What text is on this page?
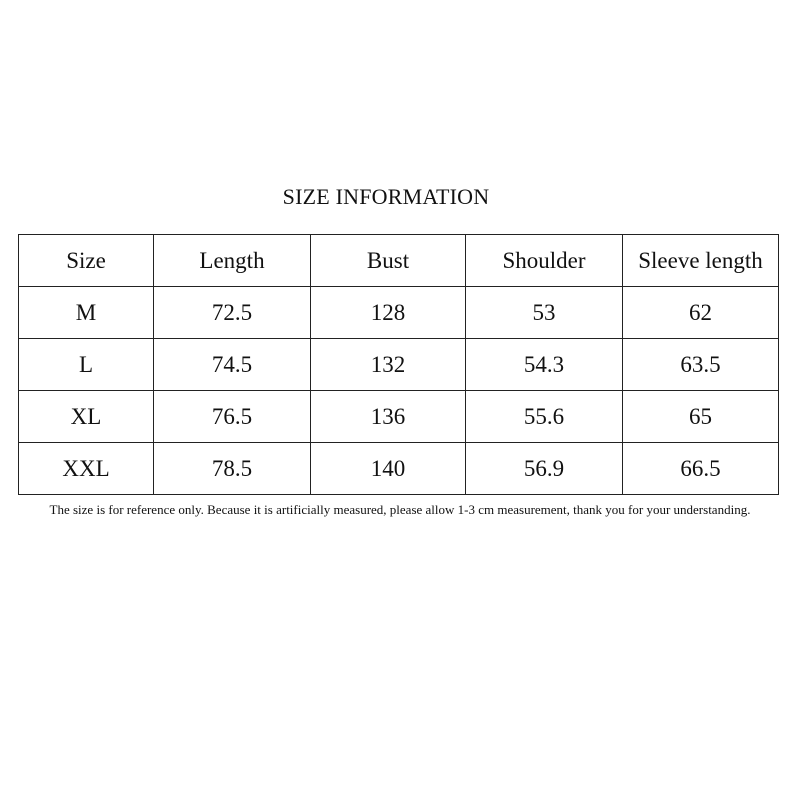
SIZE INFORMATION
Size	Length	Bust	Shoulder	Sleeve length
M	72.5	128	53	62
L	74.5	132	54.3	63.5
XL	76.5	136	55.6	65
XXL	78.5	140	56.9	66.5
The size is for reference only. Because it is artificially measured, please allow 1-3 cm measurement, thank you for your understanding.
